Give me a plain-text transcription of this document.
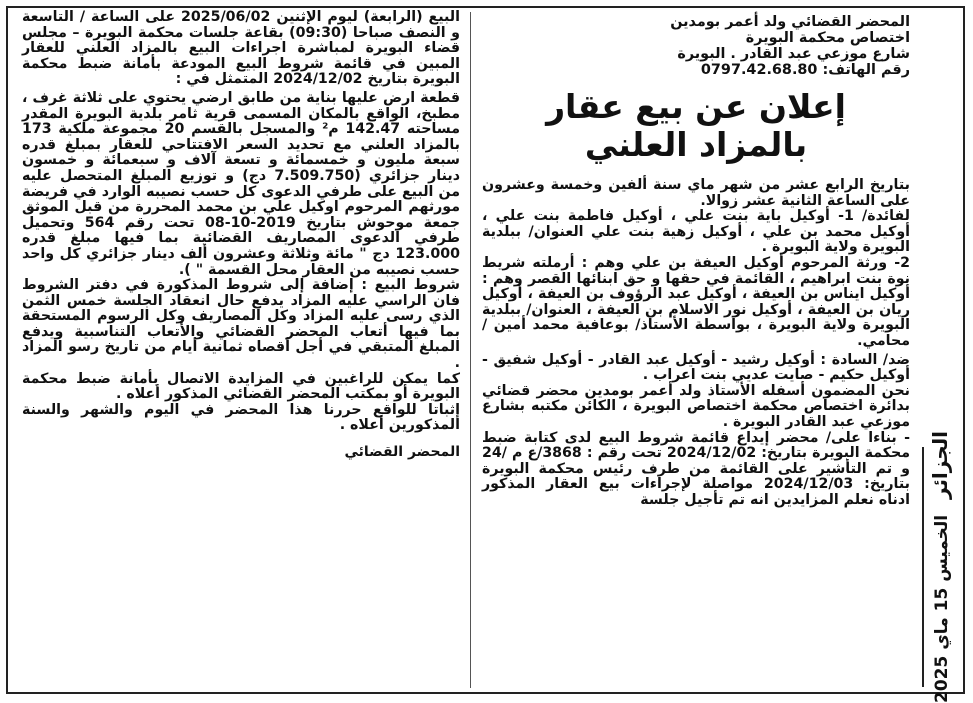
المحضر القضائي ولد أعمر بومدين

اختصاص محكمة البويرة

شارع موزعي عبد القادر . البويرة

رقم الهاتف: 0797.42.68.80

إعلان عن بيع عقار بالمزاد العلني

بتاريخ الرابع عشر من شهر ماي سنة ألفين وخمسة وعشرون على الساعة الثانية عشر زوالا.

لفائدة/ 1- أوكيل باية بنت علي ، أوكيل فاطمة بنت علي ، أوكيل محمد بن علي ، أوكيل زهية بنت علي العنوان/ ببلدية البويرة ولاية البويرة .

2- ورثة المرحوم أوكيل العيفة بن علي وهم : أرملته شريط نوة بنت ابراهيم ، القائمة في حقها و حق ابنائها القصر وهم : أوكيل ايناس بن العيفة ، أوكيل عبد الرؤوف بن العيفة ، أوكيل ريان بن العيفة ، أوكيل نور الاسلام بن العيفة ، العنوان/ ببلدية البويرة ولاية البويرة ، بواسطة الأستاذ/ بوعافية محمد أمين / محامي.

ضد/ السادة : أوكيل رشيد - أوكيل عبد القادر - أوكيل شفيق - أوكيل حكيم - صايت عديي بنت اعراب .

نحن المضمون أسفله الأستاذ ولد أعمر بومدين محضر قضائي بدائرة اختصاص محكمة اختصاص البويرة ، الكائن مكتبه بشارع موزعي عبد القادر البويرة .

- بناءا على/ محضر إيداع قائمة شروط البيع لدى كتابة ضبط محكمة البويرة بتاريخ: 2024/12/02 تحت رقم : 3868/ع م /24 و تم التأشير على القائمة من طرف رئيس محكمة البويرة بتاريخ: 2024/12/03 مواصلة لإجراءات بيع العقار المذكور ادناه نعلم المزايدين انه تم تأجيل جلسة

البيع (الرابعة) ليوم الإثنين 2025/06/02 على الساعة / التاسعة و النصف صباحا (09:30) بقاعة جلسات محكمة البويرة – مجلس قضاء البويرة لمباشرة اجراءات البيع بالمزاد العلني للعقار المبين في قائمة شروط البيع المودعة بأمانة ضبط محكمة البويرة بتاريخ 2024/12/02 المتمثل في :

قطعة ارض عليها بناية من طابق ارضي يحتوي على ثلاثة غرف ، مطبخ، الواقع بالمكان المسمى قرية ثامر بلدية البويرة المقدر مساحته 142.47 م² والمسجل بالقسم 20 مجموعة ملكية 173 بالمزاد العلني مع تحديد السعر الافتتاحي للعقار بمبلغ قدره سبعة مليون و خمسمائة و تسعة آلاف و سبعمائة و خمسون دينار جزائري (7.509.750 دج) و توزيع المبلغ المتحصل عليه من البيع على طرفي الدعوى كل حسب نصيبه الوارد في فريضة مورثهم المرحوم اوكيل علي بن محمد المحررة من قبل الموثق جمعة موحوش بتاريخ 2019-10-08 تحت رقم 564 وتحميل طرفي الدعوى المصاريف القضائية بما فيها مبلغ قدره 123.000 دج " مائة وثلاثة وعشرون ألف دينار جزائري كل واحد حسب نصيبه من العقار محل القسمة " ).

شروط البيع : إضافة إلى شروط المذكورة في دفتر الشروط فان الراسي عليه المزاد يدفع حال انعقاد الجلسة خمس الثمن الذي رسى عليه المزاد وكل المصاريف وكل الرسوم المستحقة بما فيها أتعاب المحضر القضائي والأتعاب التناسبية ويدفع المبلغ المتبقي في أجل أقصاه ثمانية أيام من تاريخ رسو المزاد .

كما يمكن للراغبين في المزايدة الاتصال بأمانة ضبط محكمة البويرة أو بمكتب المحضر القضائي المذكور أعلاه .

إثباتا للواقع حررنا هذا المحضر في اليوم والشهر والسنة المذكورين أعلاه .

المحضر القضائي	الجزائر الخميس 15 ماي 2025
